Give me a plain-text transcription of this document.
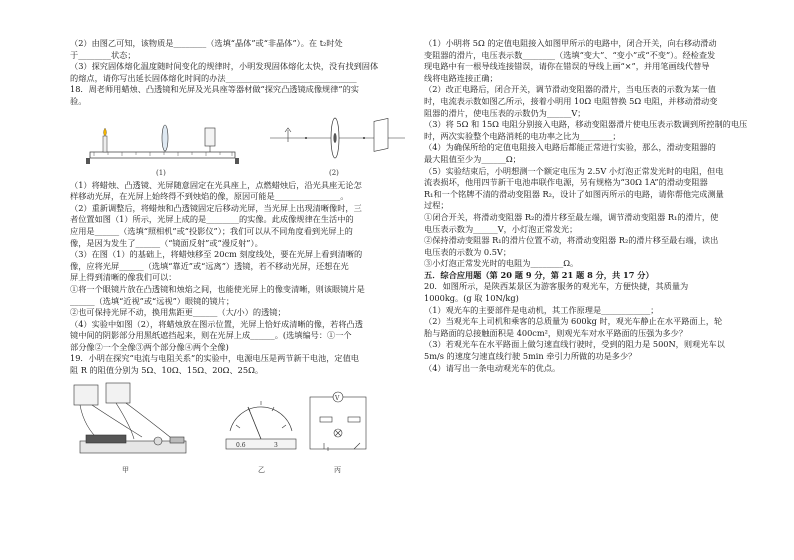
（2）由图乙可知，该物质是________（选填“晶体”或“非晶体”）。在 t₂时处
于________状态；
（3）探究固体熔化温度随时间变化的规律时，小明发现固体熔化太快，没有找到固体
的熔点，请你写出延长固体熔化时间的办法________________________________
18．周老师用蜡烛、凸透镜和光屏及光具座等器材做“探究凸透镜成像规律”的实
验。
(1)	(2)
（1）将蜡烛、凸透镜、光屏随意固定在光具座上，点燃蜡烛后，沿光具座无论怎
样移动光屏，在光屏上始终得不到烛焰的像，原因可能是________________。
（2）重新调整后，将蜡烛和凸透镜固定后移动光屏，当光屏上出现清晰像时，三
者位置如图（1）所示，光屏上成的是________的实像。此成像规律在生活中的
应用是______（选填“照相机”或“投影仪”）；我们可以从不同角度看到光屏上的
像，是因为发生了______（“镜面反射”或“漫反射”）。
（3）在图（1）的基础上，将蜡烛移至 20cm 刻度线处，要在光屏上看到清晰的
像，应将光屏______（选填“靠近”或“远离”）透镜，若不移动光屏，还想在光
屏上得到清晰的像我们可以：
①将一个眼镜片放在凸透镜和烛焰之间，也能使光屏上的像变清晰，则该眼镜片是
______（选填“近视”或“远视”）眼镜的镜片；
②也可保持光屏不动，换用焦距更______（大/小）的透镜；
（4）实验中如图（2），将蜡烛放在图示位置，光屏上恰好成清晰的像，若将凸透
镜中间的阴影部分用黑纸遮挡起来，则在光屏上成______。(选填编号：①一个
部分像②一个全像③两个部分像④两个全像)
19．小明在探究“电流与电阻关系”的实验中，电源电压是两节新干电池，定值电
阻 R 的阻值分别为 5Ω、10Ω、15Ω、20Ω、25Ω。
0.6	3
V
甲	乙	丙
（1）小明将 5Ω 的定值电阻接入如图甲所示的电路中，闭合开关，向右移动滑动
变阻器的滑片，电压表示数________（选填“变大”、“变小”或“不变”）。经检查发
现电路中有一根导线连接错误，请你在错误的导线上画“×”，并用笔画线代替导
线将电路连接正确；
（2）改正电路后，闭合开关，调节滑动变阻器的滑片，当电压表的示数为某一值
时，电流表示数如图乙所示，接着小明用 10Ω 电阻替换 5Ω 电阻，并移动滑动变
阻器的滑片，使电压表的示数仍为______V；
（3）将 5Ω 和 15Ω 电阻分别接入电路，移动变阻器滑片使电压表示数调到所控制的电压
时，两次实验整个电路消耗的电功率之比为________；
（4）为确保所给的定值电阻接入电路后都能正常进行实验，那么，滑动变阻器的
最大阻值至少为______Ω；
（5）实验结束后，小明想测一个额定电压为 2.5V 小灯泡正常发光时的电阻，但电
流表损坏，他用四节新干电池串联作电源，另有规格为“30Ω 1A”的滑动变阻器
R₁和一个铭牌不清的滑动变阻器 R₂，设计了如图丙所示的电路，请你帮他完成测量
过程；
①闭合开关，将滑动变阻器 R₂的滑片移至最左端，调节滑动变阻器 R₁的滑片，使
电压表示数为______V，小灯泡正常发光；
②保持滑动变阻器 R₁的滑片位置不动，将滑动变阻器 R₂的滑片移至最右端，读出
电压表的示数为 0.5V；
③小灯泡正常发光时的电阻为________Ω。
五．综合应用题（第 20 题 9 分，第 21 题 8 分，共 17 分）
20．如图所示，是陕西某景区为游客服务的观光车，方便快捷，其质量为
1000kg。(g 取 10N/kg)
（1）观光车的主要部件是电动机，其工作原理是____________；
（2）当观光车上司机和乘客的总质量为 600kg 时，观光车静止在水平路面上，轮
胎与路面的总接触面积是 400cm²，则观光车对水平路面的压强为多少？
（3）若观光车在水平路面上做匀速直线行驶时，受到的阻力是 500N，则观光车以
5m/s 的速度匀速直线行驶 5min 牵引力所做的功是多少？
（4）请写出一条电动观光车的优点。
